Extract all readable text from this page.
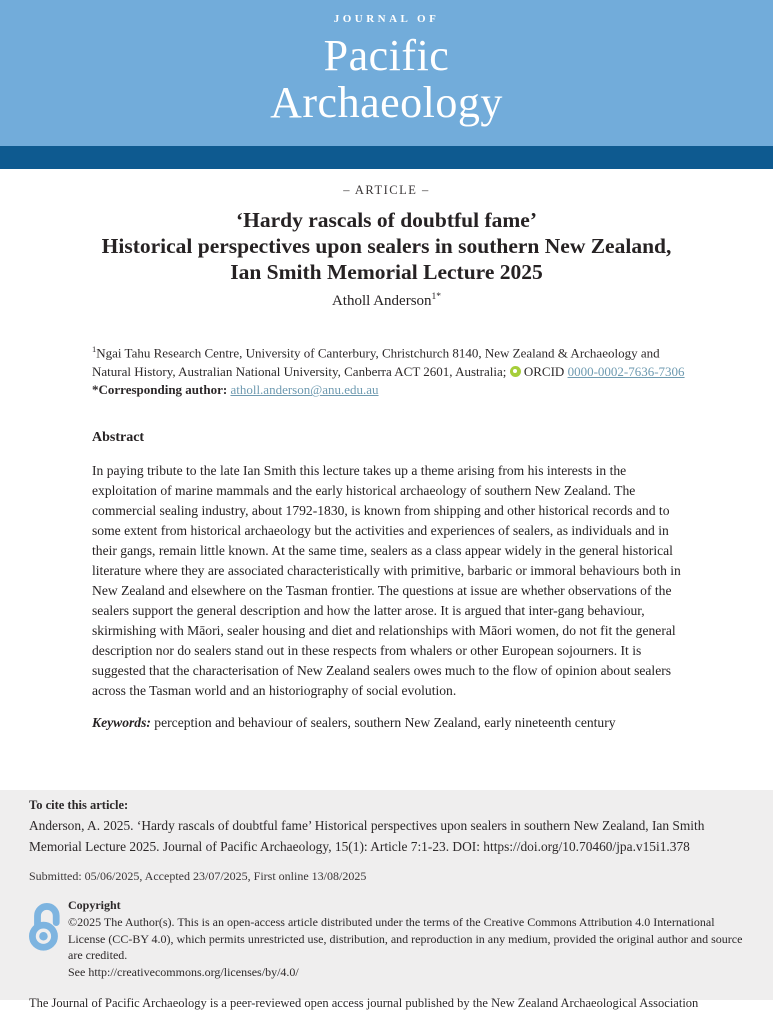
JOURNAL OF
Pacific
Archaeology
– ARTICLE –
‘Hardy rascals of doubtful fame’
Historical perspectives upon sealers in southern New Zealand,
Ian Smith Memorial Lecture 2025
Atholl Anderson$^{1*}$

$^1$Ngai Tahu Research Centre, University of Canterbury, Christchurch 8140, New Zealand & Archaeology and Natural History, Australian National University, Canberra ACT 2601, Australia;  ORCID 0000-0002-7636-7306
*Corresponding author: atholl.anderson@anu.edu.au

Abstract

In paying tribute to the late Ian Smith this lecture takes up a theme arising from his interests in the exploitation of marine mammals and the early historical archaeology of southern New Zealand. The commercial sealing industry, about 1792-1830, is known from shipping and other historical records and to some extent from historical archaeology but the activities and experiences of sealers, as individuals and in their gangs, remain little known. At the same time, sealers as a class appear widely in the general historical literature where they are associated characteristically with primitive, barbaric or immoral behaviours both in New Zealand and elsewhere on the Tasman frontier. The questions at issue are whether observations of the sealers support the general description and how the latter arose. It is argued that inter-gang behaviour, skirmishing with Māori, sealer housing and diet and relationships with Māori women, do not fit the general description nor do sealers stand out in these respects from whalers or other European sojourners. It is suggested that the characterisation of New Zealand sealers owes much to the flow of opinion about sealers across the Tasman world and an historiography of social evolution.

Keywords: perception and behaviour of sealers, southern New Zealand, early nineteenth century

To cite this article:

Anderson, A. 2025. ‘Hardy rascals of doubtful fame’ Historical perspectives upon sealers in southern New Zealand, Ian Smith Memorial Lecture 2025. Journal of Pacific Archaeology, 15(1): Article 7:1-23. DOI: https://doi.org/10.70460/jpa.v15i1.378

Submitted: 05/06/2025, Accepted 23/07/2025, First online 13/08/2025

Copyright

©2025 The Author(s). This is an open-access article distributed under the terms of the Creative Commons Attribution 4.0 International License (CC-BY 4.0), which permits unrestricted use, distribution, and reproduction in any medium, provided the original author and source are credited.
See http://creativecommons.org/licenses/by/4.0/

The Journal of Pacific Archaeology is a peer-reviewed open access journal published by the New Zealand Archaeological Association
